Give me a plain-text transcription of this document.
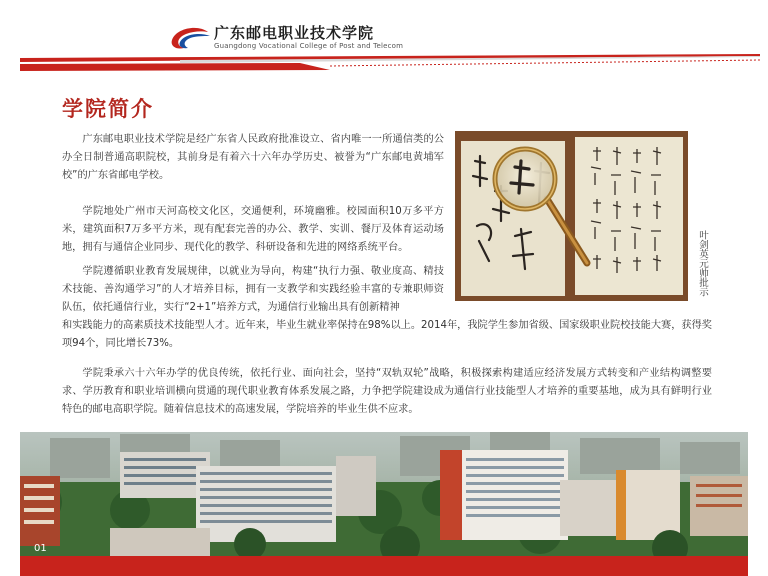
广东邮电职业技术学院
Guangdong Vocational College of Post and Telecom
学院简介

广东邮电职业技术学院是经广东省人民政府批准设立、省内唯一一所通信类的公办全日制普通高职院校，其前身是有着六十六年办学历史、被誉为“广东邮电黄埔军校”的广东省邮电学校。

学院地处广州市天河高校文化区，交通便利，环境幽雅。校园面积10万多平方米，建筑面积7万多平方米，现有配套完善的办公、教学、实训、餐厅及体育运动场地，拥有与通信企业同步、现代化的教学、科研设备和先进的网络系统平台。

学院遵循职业教育发展规律，以就业为导向，构建“执行力强、敬业度高、精技术技能、善沟通学习”的人才培养目标，拥有一支教学和实践经验丰富的专兼职师资队伍，依托通信行业，实行“2+1”培养方式，为通信行业输出具有创新精神

和实践能力的高素质技术技能型人才。近年来，毕业生就业率保持在98%以上。2014年，我院学生参加省级、国家级职业院校技能大赛，获得奖项94个，同比增长73%。

学院秉承六十六年办学的优良传统，依托行业、面向社会，坚持“双轨双轮”战略，积极探索构建适应经济发展方式转变和产业结构调整要求、学历教育和职业培训横向贯通的现代职业教育体系发展之路，力争把学院建设成为通信行业技能型人才培养的重要基地，成为具有鲜明行业特色的邮电高职学院。随着信息技术的高速发展，学院培养的毕业生供不应求。

叶剑英元帅批示
01
